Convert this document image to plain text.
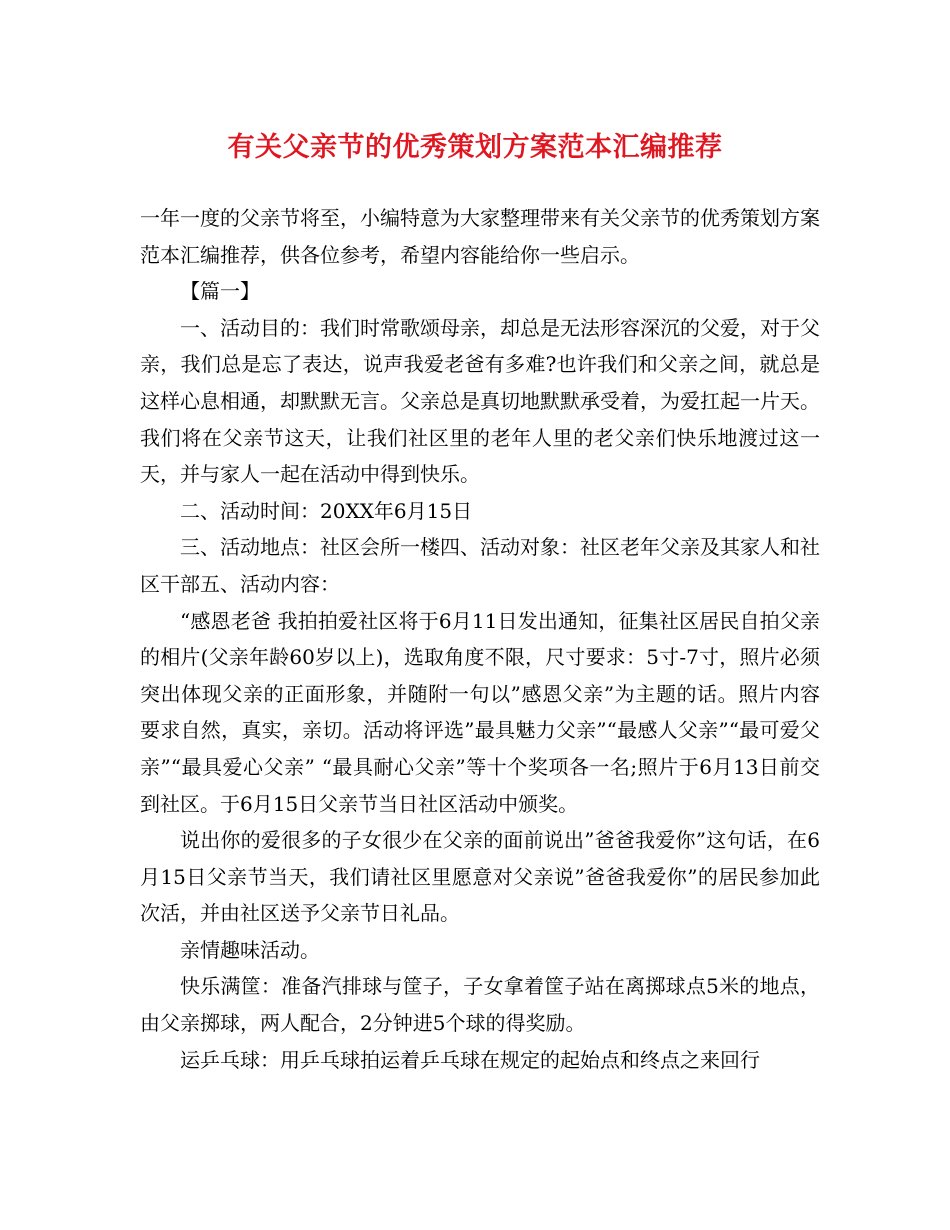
有关父亲节的优秀策划方案范本汇编推荐

一年一度的父亲节将至，小编特意为大家整理带来有关父亲节的优秀策划方案范本汇编推荐，供各位参考，希望内容能给你一些启示。

【篇一】

一、活动目的：我们时常歌颂母亲，却总是无法形容深沉的父爱，对于父亲，我们总是忘了表达，说声我爱老爸有多难?也许我们和父亲之间，就总是这样心息相通，却默默无言。父亲总是真切地默默承受着，为爱扛起一片天。我们将在父亲节这天，让我们社区里的老年人里的老父亲们快乐地渡过这一天，并与家人一起在活动中得到快乐。

二、活动时间：20XX年6月15日

三、活动地点：社区会所一楼四、活动对象：社区老年父亲及其家人和社区干部五、活动内容：

“感恩老爸 我拍拍爱社区将于6月11日发出通知，征集社区居民自拍父亲的相片(父亲年龄60岁以上)，选取角度不限，尺寸要求：5寸-7寸，照片必须突出体现父亲的正面形象，并随附一句以”感恩父亲”为主题的话。照片内容要求自然，真实，亲切。活动将评选”最具魅力父亲”“最感人父亲”“最可爱父亲”“最具爱心父亲” “最具耐心父亲”等十个奖项各一名;照片于6月13日前交到社区。于6月15日父亲节当日社区活动中颁奖。

说出你的爱很多的子女很少在父亲的面前说出”爸爸我爱你”这句话，在6月15日父亲节当天，我们请社区里愿意对父亲说”爸爸我爱你”的居民参加此次活，并由社区送予父亲节日礼品。

亲情趣味活动。

快乐满筐：准备汽排球与筐子，子女拿着筐子站在离掷球点5米的地点，由父亲掷球，两人配合，2分钟进5个球的得奖励。

运乒乓球：用乒乓球拍运着乒乓球在规定的起始点和终点之来回行
